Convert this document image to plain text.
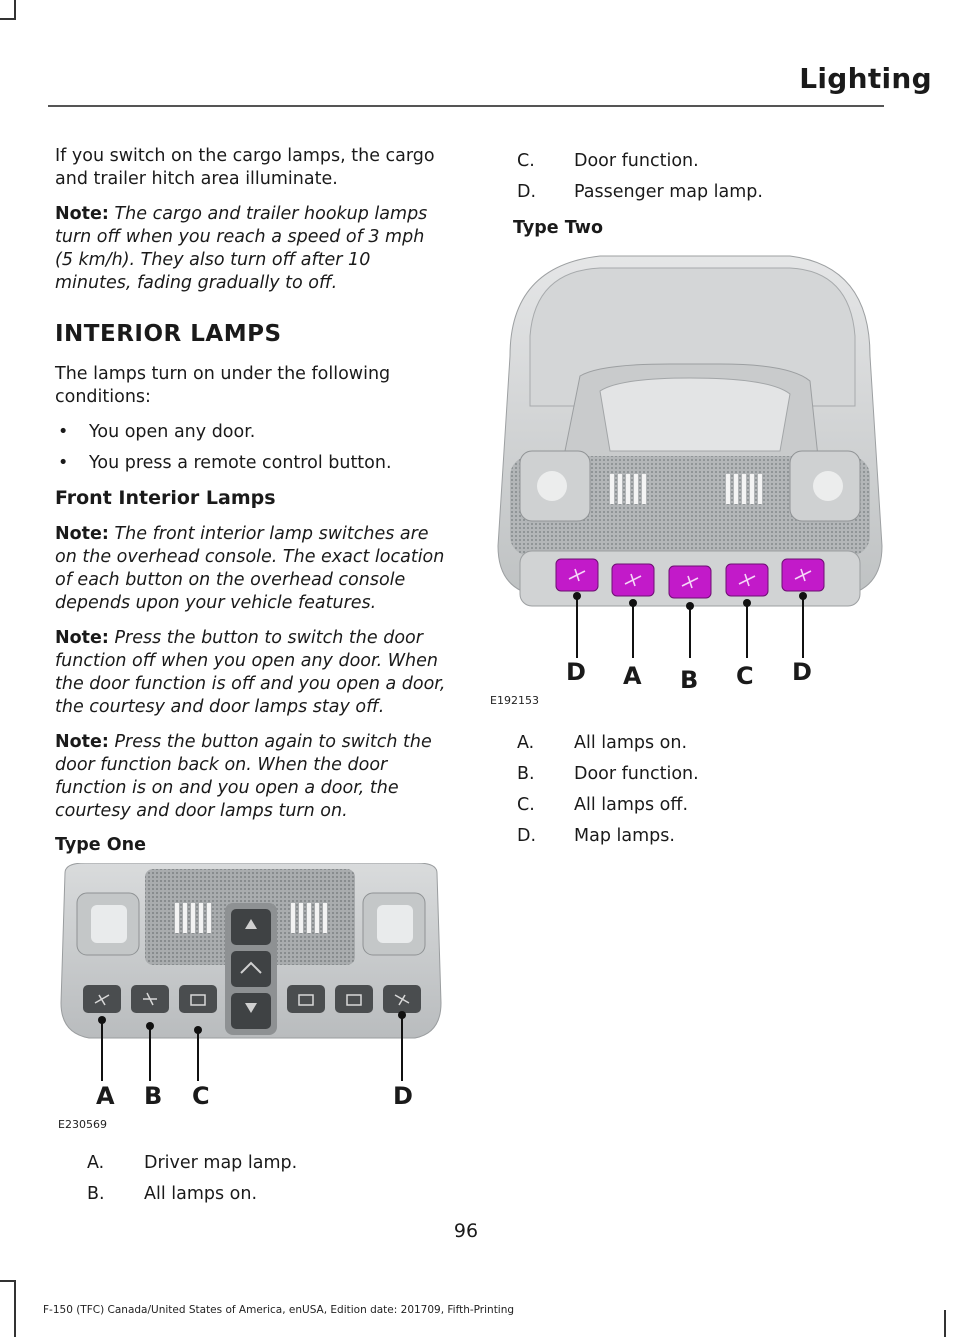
Lighting

If you switch on the cargo lamps, the cargo and trailer hitch area illuminate.

Note: The cargo and trailer hookup lamps turn off when you reach a speed of 3 mph (5 km/h). They also turn off after 10 minutes, fading gradually to off.

INTERIOR LAMPS

The lamps turn on under the following conditions:

•	You open any door.
•	You press a remote control button.
Front Interior Lamps

Note: The front interior lamp switches are on the overhead console. The exact location of each button on the overhead console depends upon your vehicle features.

Note: Press the button to switch the door function off when you open any door. When the door function is off and you open a door, the courtesy and door lamps stay off.

Note: Press the button again to switch the door function back on. When the door function is on and you open a door, the courtesy and door lamps turn on.

Type One
A B C	D
E230569
A.	Driver map lamp.
B.	All lamps on.
C.	Door function.
D.	Passenger map lamp.
Type Two
D A B C D
E192153
A.	All lamps on.
B.	Door function.
C.	All lamps off.
D.	Map lamps.
96
F-150 (TFC) Canada/United States of America, enUSA, Edition date: 201709, Fifth-Printing
